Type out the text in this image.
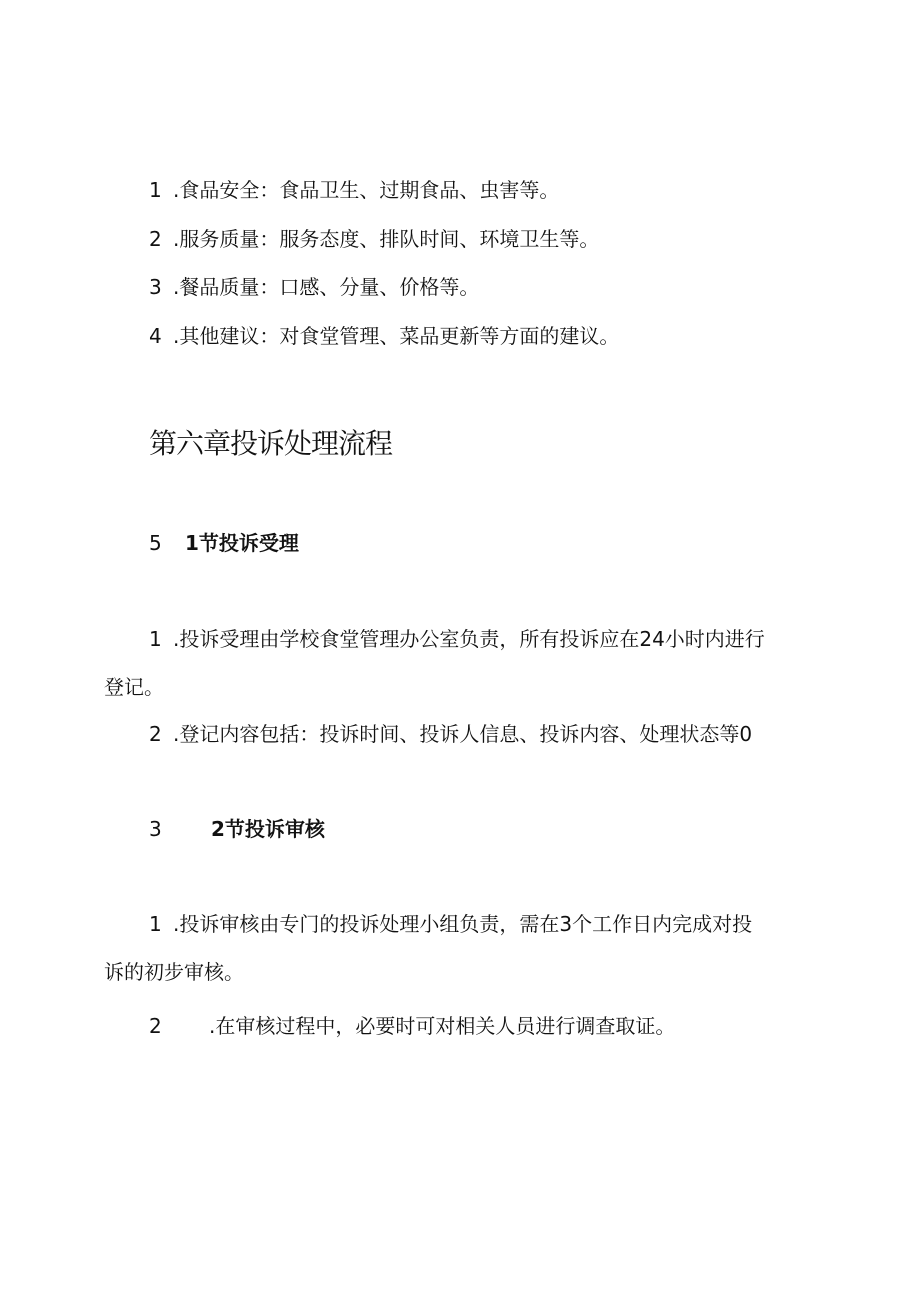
1 .食品安全：食品卫生、过期食品、虫害等。
2 .服务质量：服务态度、排队时间、环境卫生等。
3 .餐品质量：口感、分量、价格等。
4 .其他建议：对食堂管理、菜品更新等方面的建议。
第六章投诉处理流程
5 1节投诉受理
1 .投诉受理由学校食堂管理办公室负责，所有投诉应在24小时内进行
登记。
2 .登记内容包括：投诉时间、投诉人信息、投诉内容、处理状态等0
3 2节投诉审核
1 .投诉审核由专门的投诉处理小组负责，需在3个工作日内完成对投
诉的初步审核。
2 .在审核过程中，必要时可对相关人员进行调查取证。
